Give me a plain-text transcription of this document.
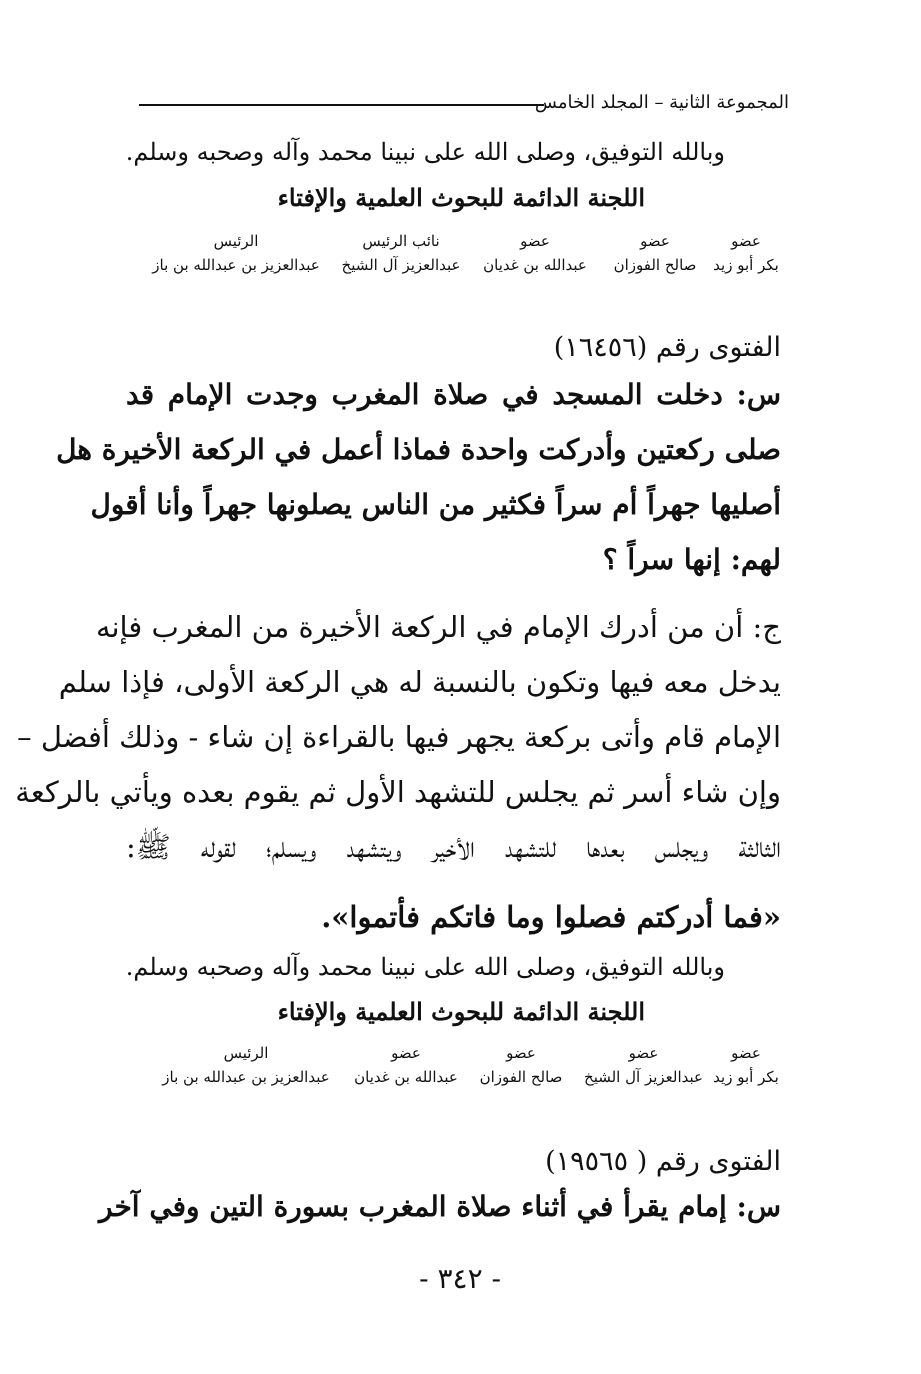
المجموعة الثانية – المجلد الخامس
وبالله التوفيق، وصلى الله على نبينا محمد وآله وصحبه وسلم.
اللجنة الدائمة للبحوث العلمية والإفتاء
عضو
بكر أبو زيد
عضو
صالح الفوزان
عضو
عبدالله بن غديان
نائب الرئيس
عبدالعزيز آل الشيخ
الرئيس
عبدالعزيز بن عبدالله بن باز
الفتوى رقم (١٦٤٥٦)
س: دخلت المسجد في صلاة المغرب وجدت الإمام قد
صلى ركعتين وأدركت واحدة فماذا أعمل في الركعة الأخيرة هل
أصليها جهراً أم سراً فكثير من الناس يصلونها جهراً وأنا أقول
لهم: إنها سراً ؟
ج: أن من أدرك الإمام في الركعة الأخيرة من المغرب فإنه
يدخل معه فيها وتكون بالنسبة له هي الركعة الأولى، فإذا سلم
الإمام قام وأتى بركعة يجهر فيها بالقراءة إن شاء - وذلك أفضل –
وإن شاء أسر ثم يجلس للتشهد الأول ثم يقوم بعده ويأتي بالركعة
الثالثة ويجلس بعدها للتشهد الأخير ويتشهد ويسلم؛ لقوله ﷺ:
«فما أدركتم فصلوا وما فاتكم فأتموا».
وبالله التوفيق، وصلى الله على نبينا محمد وآله وصحبه وسلم.
اللجنة الدائمة للبحوث العلمية والإفتاء
عضو
بكر أبو زيد
عضو
عبدالعزيز آل الشيخ
عضو
صالح الفوزان
عضو
عبدالله بن غديان
الرئيس
عبدالعزيز بن عبدالله بن باز
الفتوى رقم ( ١٩٥٦٥)
س: إمام يقرأ في أثناء صلاة المغرب بسورة التين وفي آخر
- ٣٤٢ -
